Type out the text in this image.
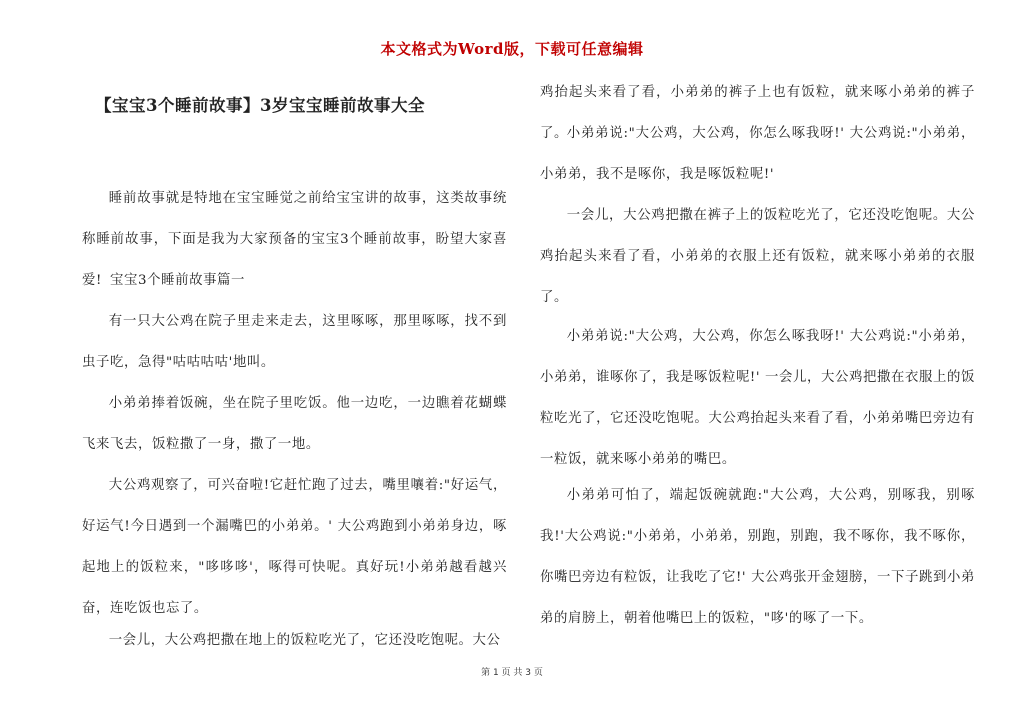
本文格式为Word版，下载可任意编辑
【宝宝3个睡前故事】3岁宝宝睡前故事大全

睡前故事就是特地在宝宝睡觉之前给宝宝讲的故事，这类故事统称睡前故事，下面是我为大家预备的宝宝3个睡前故事，盼望大家喜爱! 宝宝3个睡前故事篇一

有一只大公鸡在院子里走来走去，这里啄啄，那里啄啄，找不到虫子吃，急得"咕咕咕咕'地叫。

小弟弟捧着饭碗，坐在院子里吃饭。他一边吃，一边瞧着花蝴蝶飞来飞去，饭粒撒了一身，撒了一地。

大公鸡观察了，可兴奋啦!它赶忙跑了过去，嘴里嚷着:"好运气，好运气!今日遇到一个漏嘴巴的小弟弟。' 大公鸡跑到小弟弟身边，啄起地上的饭粒来，"哆哆哆'，啄得可快呢。真好玩!小弟弟越看越兴奋，连吃饭也忘了。

一会儿，大公鸡把撒在地上的饭粒吃光了，它还没吃饱呢。大公

鸡抬起头来看了看，小弟弟的裤子上也有饭粒，就来啄小弟弟的裤子了。

小弟弟说:"大公鸡，大公鸡，你怎么啄我呀!' 大公鸡说:"小弟弟，小弟弟，我不是啄你，我是啄饭粒呢!'

一会儿，大公鸡把撒在裤子上的饭粒吃光了，它还没吃饱呢。大公鸡抬起头来看了看，小弟弟的衣服上还有饭粒，就来啄小弟弟的衣服了。

小弟弟说:"大公鸡，大公鸡，你怎么啄我呀!' 大公鸡说:"小弟弟，小弟弟，谁啄你了，我是啄饭粒呢!' 一会儿，大公鸡把撒在衣服上的饭粒吃光了，它还没吃饱呢。大公鸡抬起头来看了看，小弟弟嘴巴旁边有一粒饭，就来啄小弟弟的嘴巴。

小弟弟可怕了，端起饭碗就跑:"大公鸡，大公鸡，别啄我，别啄我!'大公鸡说:"小弟弟，小弟弟，别跑，别跑，我不啄你，我不啄你，你嘴巴旁边有粒饭，让我吃了它!' 大公鸡张开金翅膀，一下子跳到小弟弟的肩膀上，朝着他嘴巴上的饭粒，"哆'的啄了一下。

第 1 页 共 3 页
